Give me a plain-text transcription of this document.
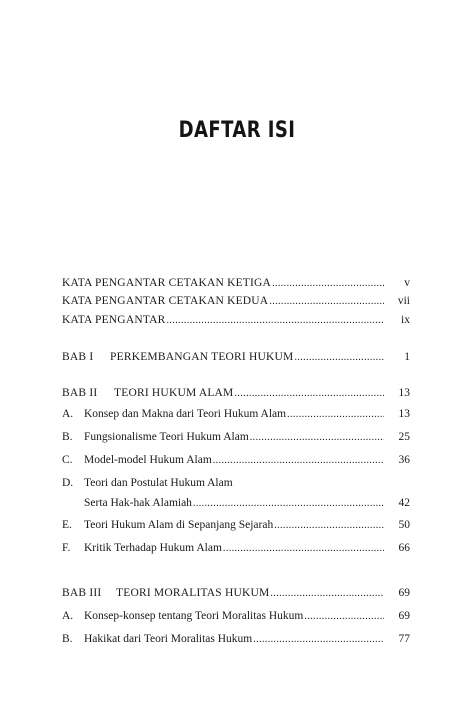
DAFTAR ISI
KATA PENGANTAR CETAKAN KETIGA .....	v
KATA PENGANTAR CETAKAN KEDUA .....	vii
KATA PENGANTAR .....	ix
BAB I	PERKEMBANGAN TEORI HUKUM .....	1
BAB II	TEORI HUKUM ALAM .....	13
A. Konsep dan Makna dari Teori Hukum Alam .....	13
B. Fungsionalisme Teori Hukum Alam .....	25
C. Model-model Hukum Alam .....	36
D. Teori dan Postulat Hukum Alam
Serta Hak-hak Alamiah .....	42
E.	Teori Hukum Alam di Sepanjang Sejarah .....	50
F.	Kritik Terhadap Hukum Alam .....	66
BAB III	TEORI MORALITAS HUKUM .....	69
A. Konsep-konsep tentang Teori Moralitas Hukum .....	69
B. Hakikat dari Teori Moralitas Hukum .....	77
